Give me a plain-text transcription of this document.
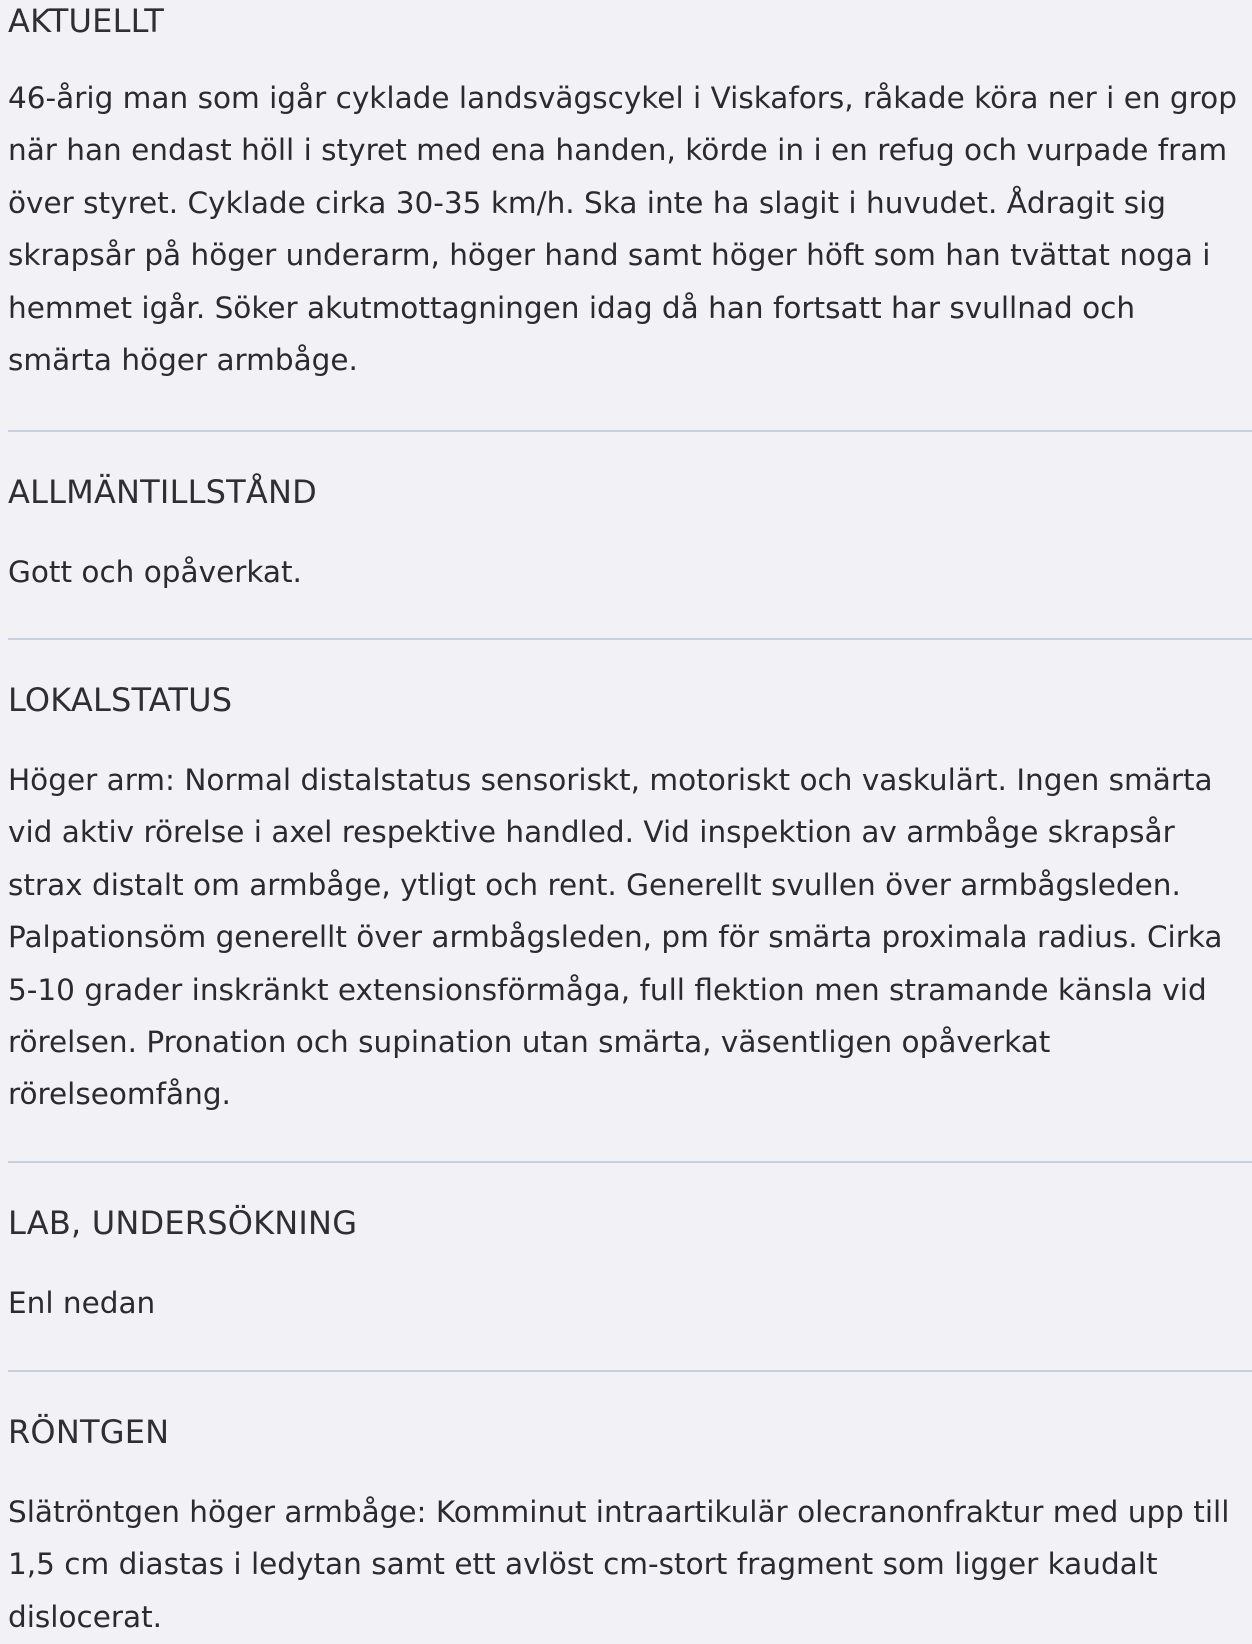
AKTUELLT

46-årig man som igår cyklade landsvägscykel i Viskafors, råkade köra ner i en grop
när han endast höll i styret med ena handen, körde in i en refug och vurpade fram
över styret. Cyklade cirka 30-35 km/h. Ska inte ha slagit i huvudet. Ådragit sig
skrapsår på höger underarm, höger hand samt höger höft som han tvättat noga i
hemmet igår. Söker akutmottagningen idag då han fortsatt har svullnad och
smärta höger armbåge.

ALLMÄNTILLSTÅND

Gott och opåverkat.

LOKALSTATUS

Höger arm: Normal distalstatus sensoriskt, motoriskt och vaskulärt. Ingen smärta
vid aktiv rörelse i axel respektive handled. Vid inspektion av armbåge skrapsår
strax distalt om armbåge, ytligt och rent. Generellt svullen över armbågsleden.
Palpationsöm generellt över armbågsleden, pm för smärta proximala radius. Cirka
5-10 grader inskränkt extensionsförmåga, full flektion men stramande känsla vid
rörelsen. Pronation och supination utan smärta, väsentligen opåverkat
rörelseomfång.

LAB, UNDERSÖKNING

Enl nedan

RÖNTGEN

Slätröntgen höger armbåge: Komminut intraartikulär olecranonfraktur med upp till
1,5 cm diastas i ledytan samt ett avlöst cm-stort fragment som ligger kaudalt
dislocerat.
